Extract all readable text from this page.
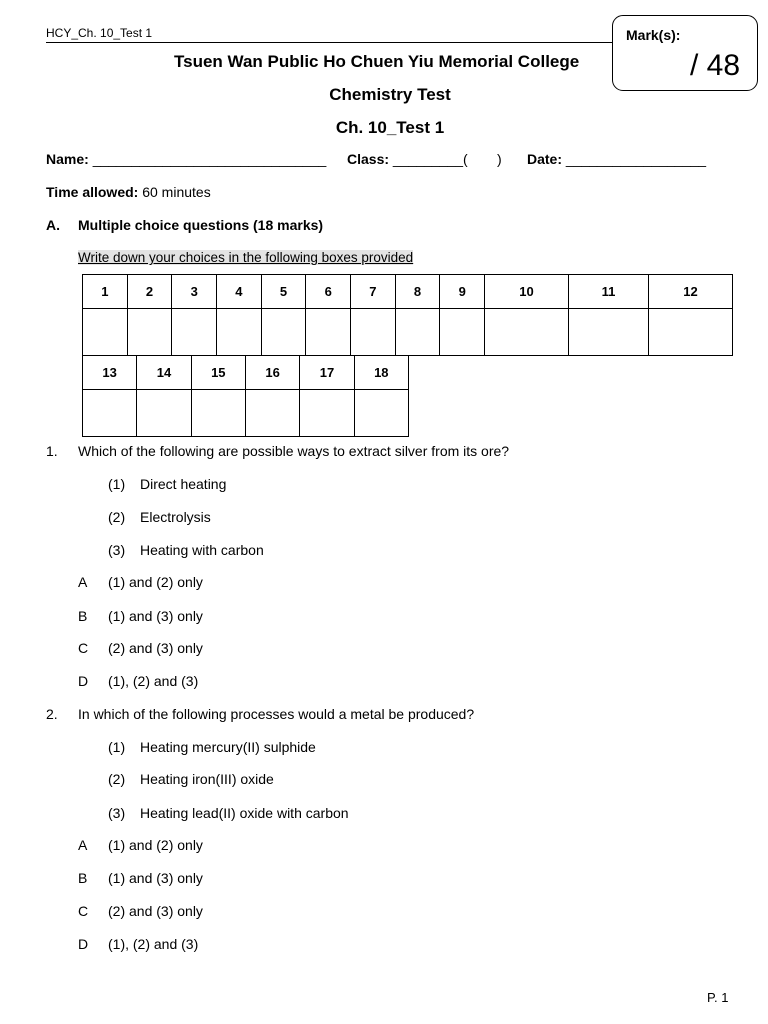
HCY_Ch. 10_Test 1	Mark(s):
/ 48
Tsuen Wan Public Ho Chuen Yiu Memorial College
Chemistry Test
Ch. 10_Test 1
Name: ______________________________ Class: _________( ) Date: __________________
Time allowed: 60 minutes
A. Multiple choice questions (18 marks)
Write down your choices in the following boxes provided
1	2	3	4	5	6	7	8	9	10	11	12

13	14	15	16	17	18

1. Which of the following are possible ways to extract silver from its ore?
(1) Direct heating
(2) Electrolysis
(3) Heating with carbon
A (1) and (2) only
B (1) and (3) only
C (2) and (3) only
D (1), (2) and (3)
2. In which of the following processes would a metal be produced?
(1) Heating mercury(II) sulphide
(2) Heating iron(III) oxide
(3) Heating lead(II) oxide with carbon
A (1) and (2) only
B (1) and (3) only
C (2) and (3) only
D (1), (2) and (3)
P. 1
